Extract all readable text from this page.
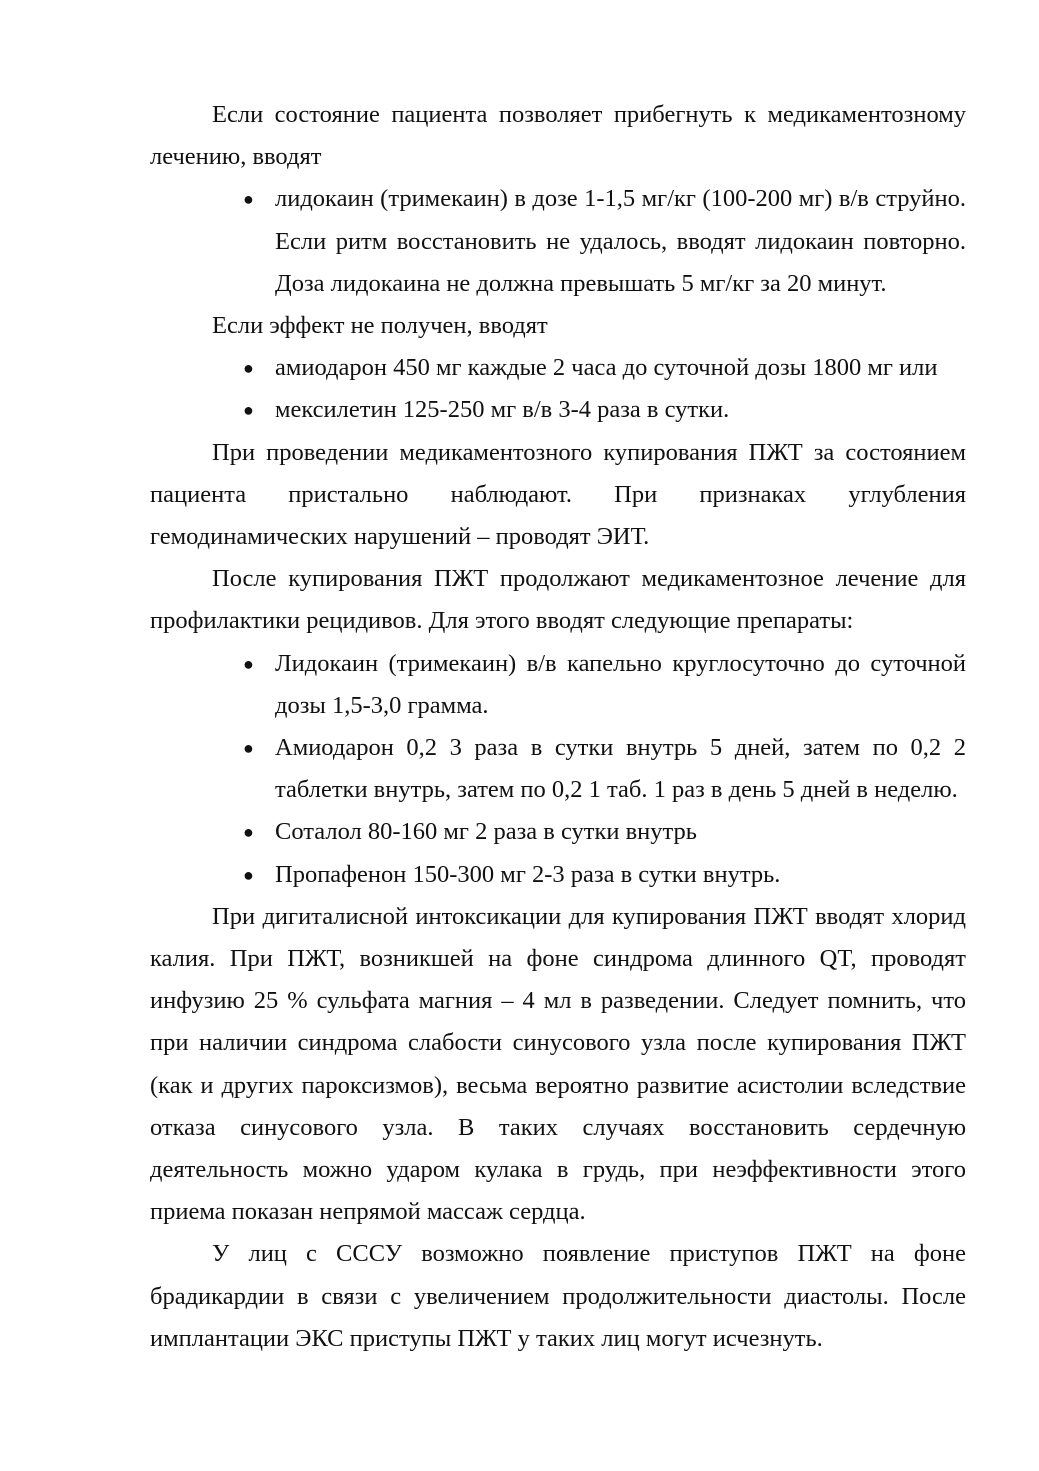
Если состояние пациента позволяет прибегнуть к медикаментозному лечению, вводят

● лидокаин (тримекаин) в дозе 1-1,5 мг/кг (100-200 мг) в/в струйно. Если ритм восстановить не удалось, вводят лидокаин повторно. Доза лидокаина не должна превышать 5 мг/кг за 20 минут.

Если эффект не получен, вводят

● амиодарон 450 мг каждые 2 часа до суточной дозы 1800 мг или
● мексилетин 125-250 мг в/в 3-4 раза в сутки.

При проведении медикаментозного купирования ПЖТ за состоянием пациента пристально наблюдают. При признаках углубления гемодинамических нарушений – проводят ЭИТ.

После купирования ПЖТ продолжают медикаментозное лечение для профилактики рецидивов. Для этого вводят следующие препараты:

● Лидокаин (тримекаин) в/в капельно круглосуточно до суточной дозы 1,5-3,0 грамма.
● Амиодарон 0,2 3 раза в сутки внутрь 5 дней, затем по 0,2 2 таблетки внутрь, затем по 0,2 1 таб. 1 раз в день 5 дней в неделю.
● Соталол 80-160 мг 2 раза в сутки внутрь
● Пропафенон 150-300 мг 2-3 раза в сутки внутрь.

При дигиталисной интоксикации для купирования ПЖТ вводят хлорид калия. При ПЖТ, возникшей на фоне синдрома длинного QT, проводят инфузию 25 % сульфата магния – 4 мл в разведении. Следует помнить, что при наличии синдрома слабости синусового узла после купирования ПЖТ (как и других пароксизмов), весьма вероятно развитие асистолии вследствие отказа синусового узла. В таких случаях восстановить сердечную деятельность можно ударом кулака в грудь, при неэффективности этого приема показан непрямой массаж сердца.

У лиц с СССУ возможно появление приступов ПЖТ на фоне брадикардии в связи с увеличением продолжительности диастолы. После имплантации ЭКС приступы ПЖТ у таких лиц могут исчезнуть.
